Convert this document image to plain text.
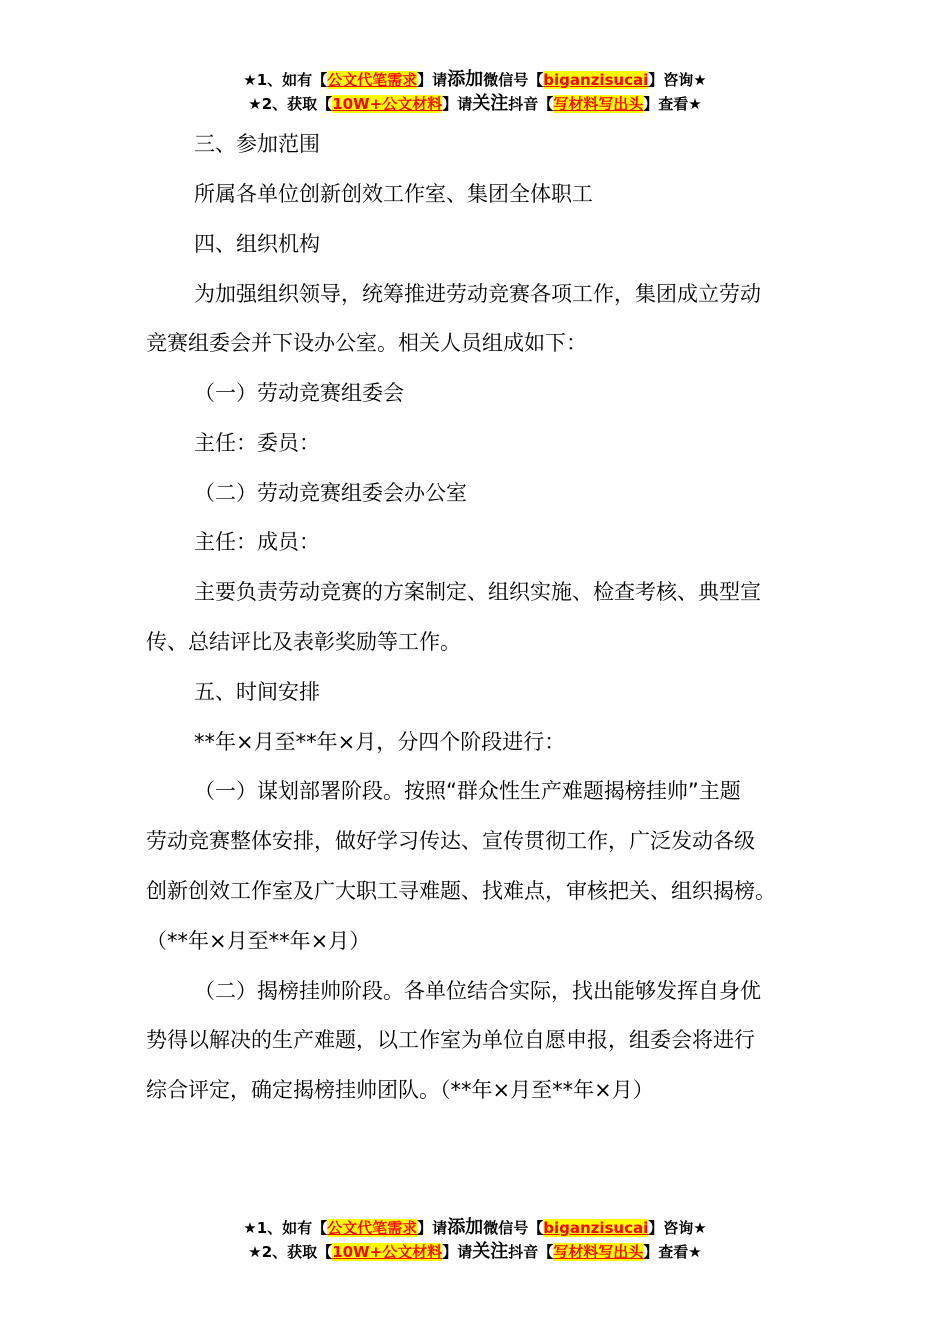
★1、如有【公文代笔需求】请添加微信号【biganzisucai】咨询★
★2、获取【10W+公文材料】请关注抖音【写材料写出头】查看★
三、参加范围
所属各单位创新创效工作室、集团全体职工
四、组织机构
为加强组织领导，统筹推进劳动竞赛各项工作，集团成立劳动
竞赛组委会并下设办公室。相关人员组成如下：
（一）劳动竞赛组委会
主任：委员：
（二）劳动竞赛组委会办公室
主任：成员：
主要负责劳动竞赛的方案制定、组织实施、检查考核、典型宣
传、总结评比及表彰奖励等工作。
五、时间安排
**年×月至**年×月，分四个阶段进行：
（一）谋划部署阶段。按照“群众性生产难题揭榜挂帅”主题
劳动竞赛整体安排，做好学习传达、宣传贯彻工作，广泛发动各级
创新创效工作室及广大职工寻难题、找难点，审核把关、组织揭榜。
（**年×月至**年×月）
（二）揭榜挂帅阶段。各单位结合实际，找出能够发挥自身优
势得以解决的生产难题，以工作室为单位自愿申报，组委会将进行
综合评定，确定揭榜挂帅团队。（**年×月至**年×月）
★1、如有【公文代笔需求】请添加微信号【biganzisucai】咨询★
★2、获取【10W+公文材料】请关注抖音【写材料写出头】查看★
